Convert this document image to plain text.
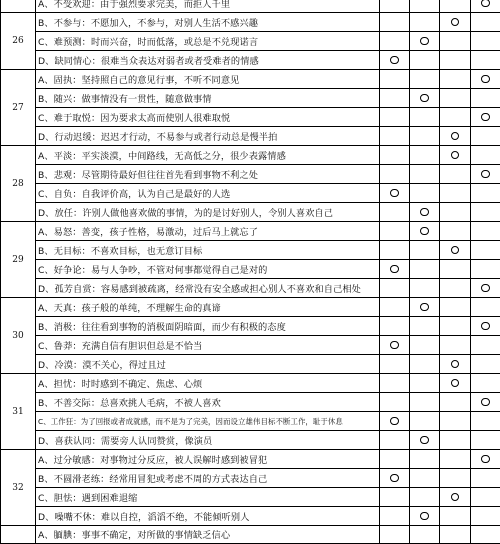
	A、不受欢迎：由于强烈要求完美，而拒人千里				
26	B、不参与：不愿加入，不参与，对别人生活不感兴趣				
	C、难预测：时而兴奋，时而低落，或总是不兑现诺言				
	D、缺同情心：很难当众表达对弱者或者受难者的情感				
27	A、固执：坚持照自己的意见行事，不听不同意见				
	B、随兴：做事情没有一贯性，随意做事情				
	C、难于取悦：因为要求太高而使别人很难取悦				
	D、行动迟缓：迟迟才行动，不易参与或者行动总是慢半拍				
28	A、平淡：平实淡漠，中间路线，无高低之分，很少表露情感				
	B、悲观：尽管期待最好但往往首先看到事物不利之处				
	C、自负：自我评价高，认为自己是最好的人选				
	D、放任：许别人做他喜欢做的事情，为的是讨好别人，令别人喜欢自己				
29	A、易怒：善变，孩子性格，易激动，过后马上就忘了				
	B、无目标：不喜欢目标，也无意订目标				
	C、好争论：易与人争吵，不管对何事都觉得自己是对的				
	D、孤芳自赏：容易感到被疏离，经常没有安全感或担心别人不喜欢和自己相处				
30	A、天真：孩子般的单纯，不理解生命的真谛				
	B、消极：往往看到事物的消极面阴暗面，而少有积极的态度				
	C、鲁莽：充满自信有胆识但总是不恰当				
	D、冷漠：漠不关心，得过且过				
31	A、担忧：时时感到不确定、焦虑、心烦				
	B、不善交际：总喜欢挑人毛病，不被人喜欢				
	C、工作狂：为了回报或者成就感，而不是为了完美，因而设立雄伟目标不断工作，耻于休息				
	D、喜获认同：需要旁人认同赞赏，像演员				
32	A、过分敏感：对事物过分反应，被人误解时感到被冒犯				
	B、不圆滑老练：经常用冒犯或考虑不周的方式表达自己				
	C、胆怯：遇到困难退缩				
	D、噪嘴不休：难以自控，滔滔不绝，不能倾听别人				
	A、腼腆：事事不确定，对所做的事情缺乏信心				
